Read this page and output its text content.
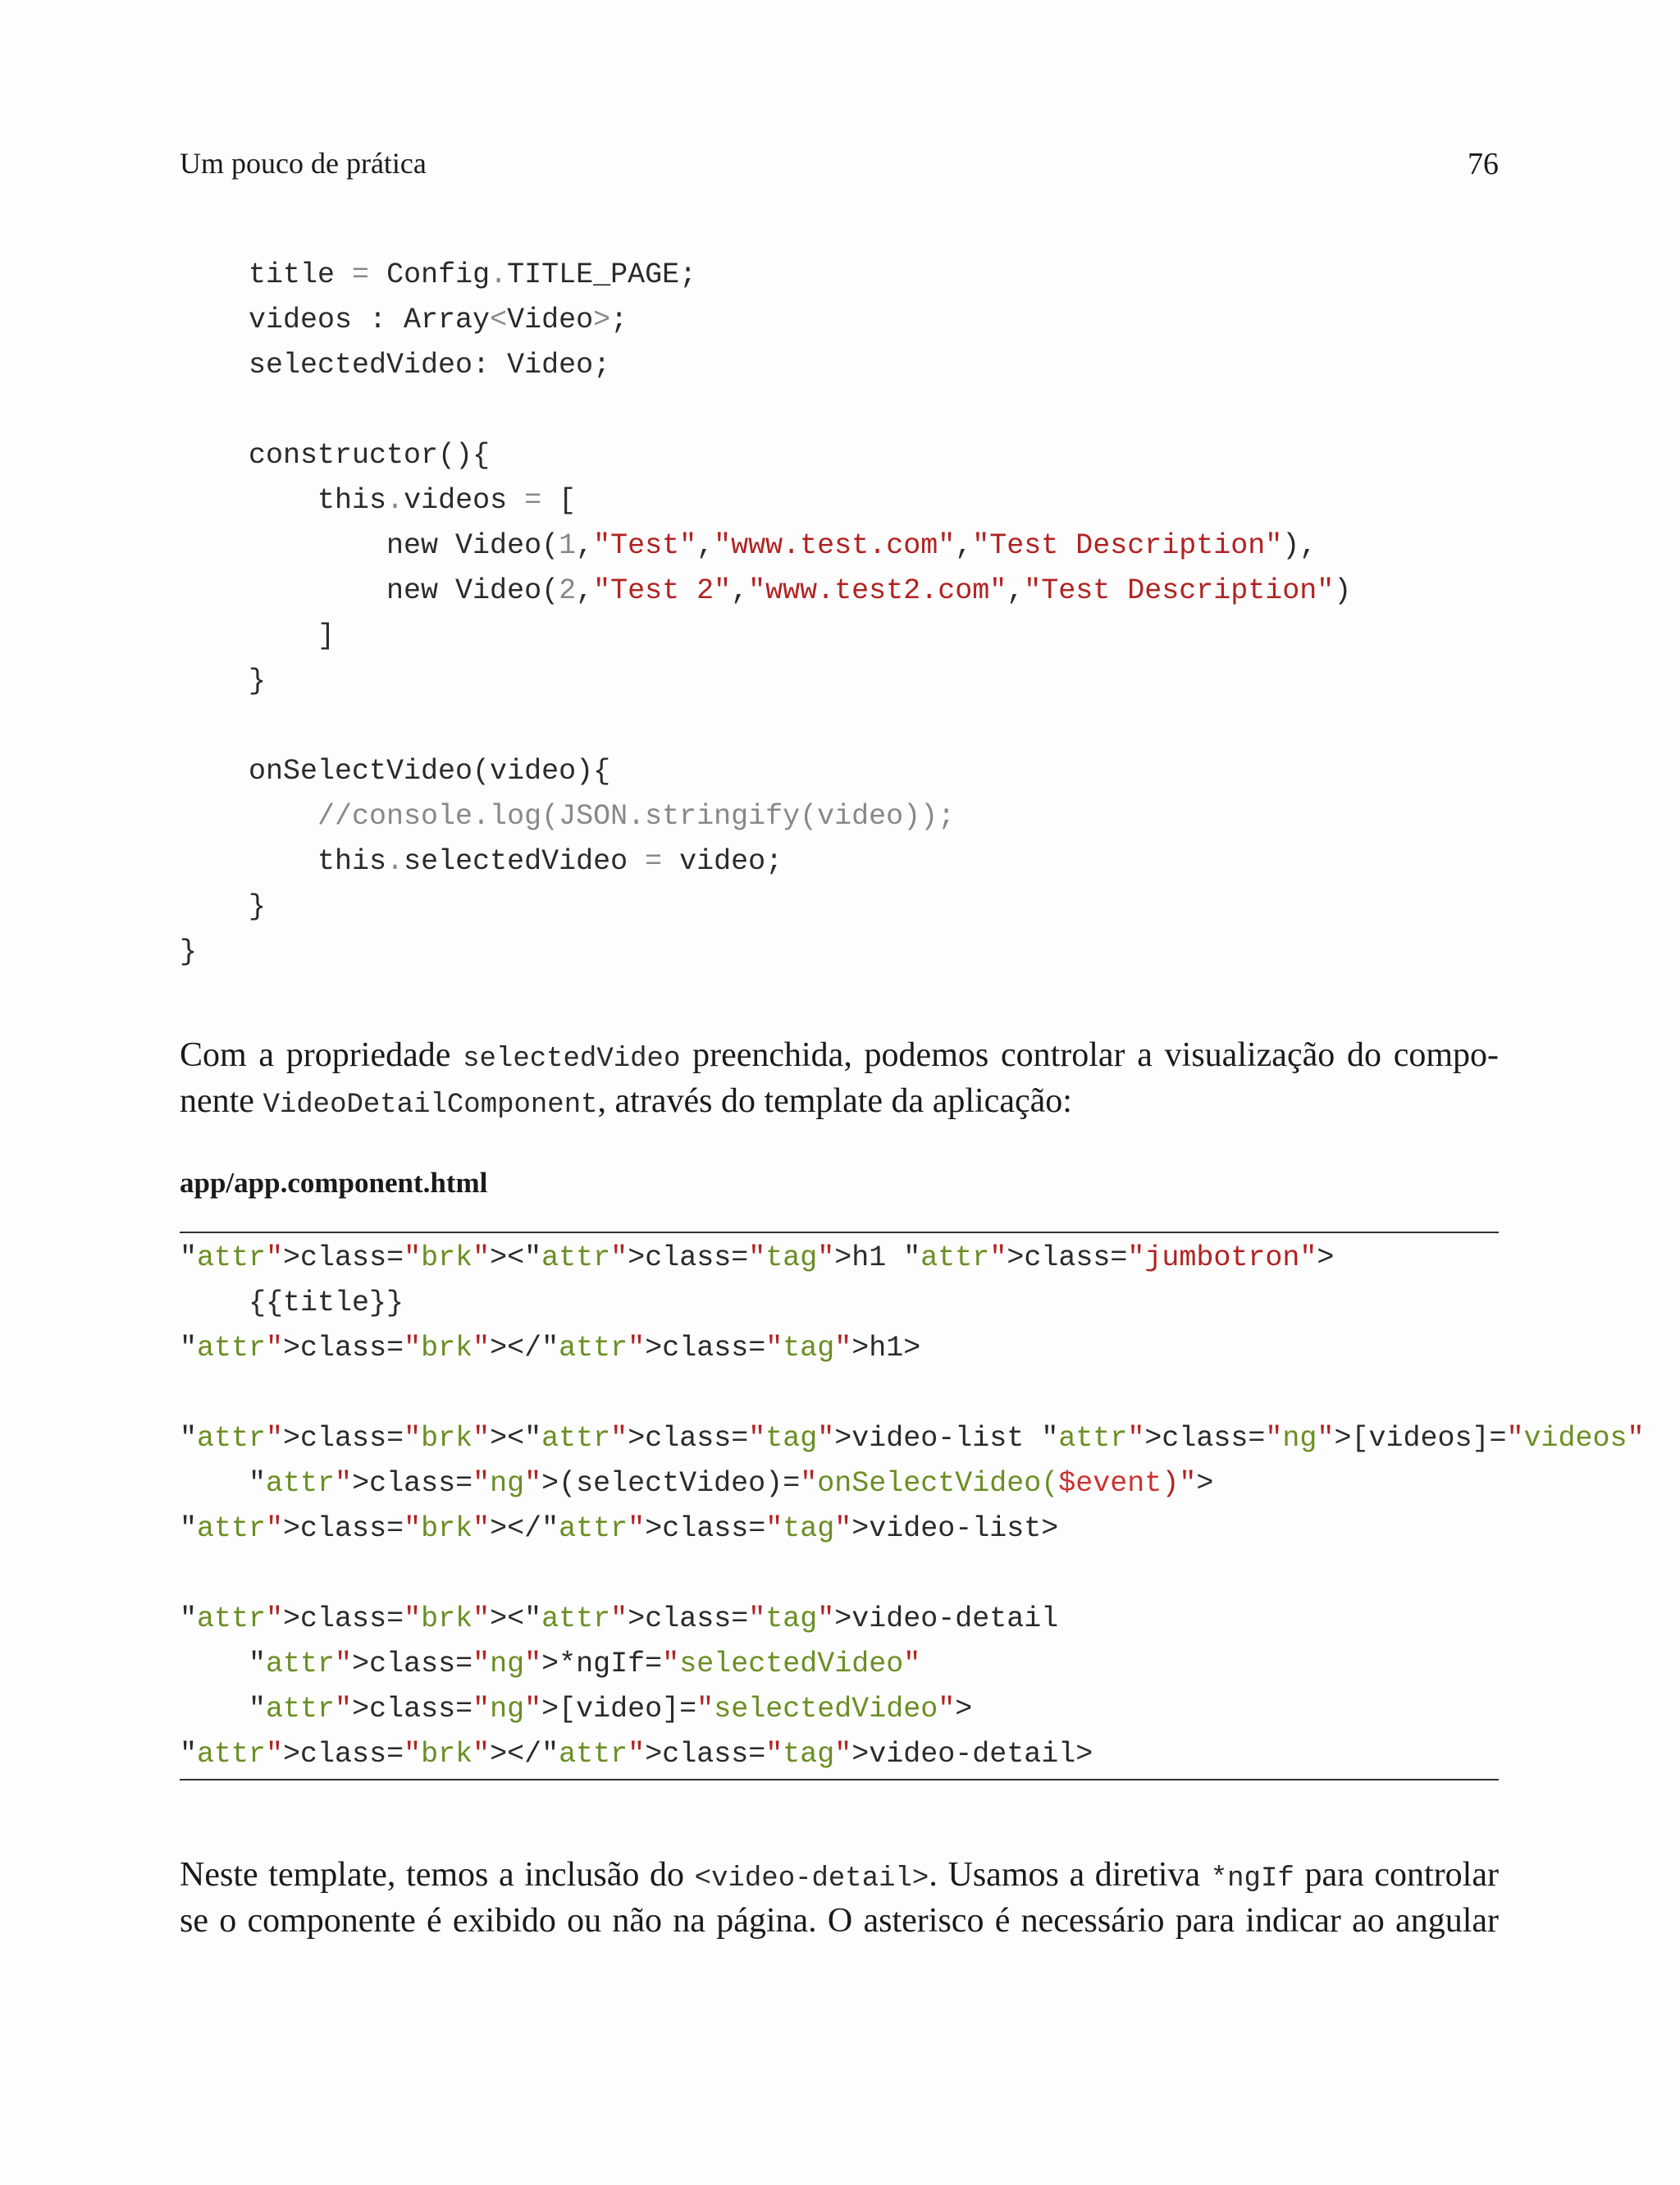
Um pouco de prática	76
title = Config.TITLE_PAGE;
videos : Array<Video>;
selectedVideo: Video;
constructor(){
this.videos = [
new Video(1,"Test","www.test.com","Test Description"),
new Video(2,"Test 2","www.test2.com","Test Description")
]
}
onSelectVideo(video){
//console.log(JSON.stringify(video));
this.selectedVideo = video;
}
}
Com a propriedade selectedVideo preenchida, podemos controlar a visualização do compo-
nente VideoDetailComponent, através do template da aplicação:
app/app.component.html
"attr">class="brk"><"attr">class="tag">h1 "attr">class="jumbotron">
{{title}}
"attr">class="brk"></"attr">class="tag">h1>
"attr">class="brk"><"attr">class="tag">video-list "attr">class="ng">[videos]="videos"
"attr">class="ng">(selectVideo)="onSelectVideo($event)">
"attr">class="brk"></"attr">class="tag">video-list>
"attr">class="brk"><"attr">class="tag">video-detail
"attr">class="ng">*ngIf="selectedVideo"
"attr">class="ng">[video]="selectedVideo">
"attr">class="brk"></"attr">class="tag">video-detail>
Neste template, temos a inclusão do <video-detail>. Usamos a diretiva *ngIf para controlar
se o componente é exibido ou não na página. O asterisco é necessário para indicar ao angular
